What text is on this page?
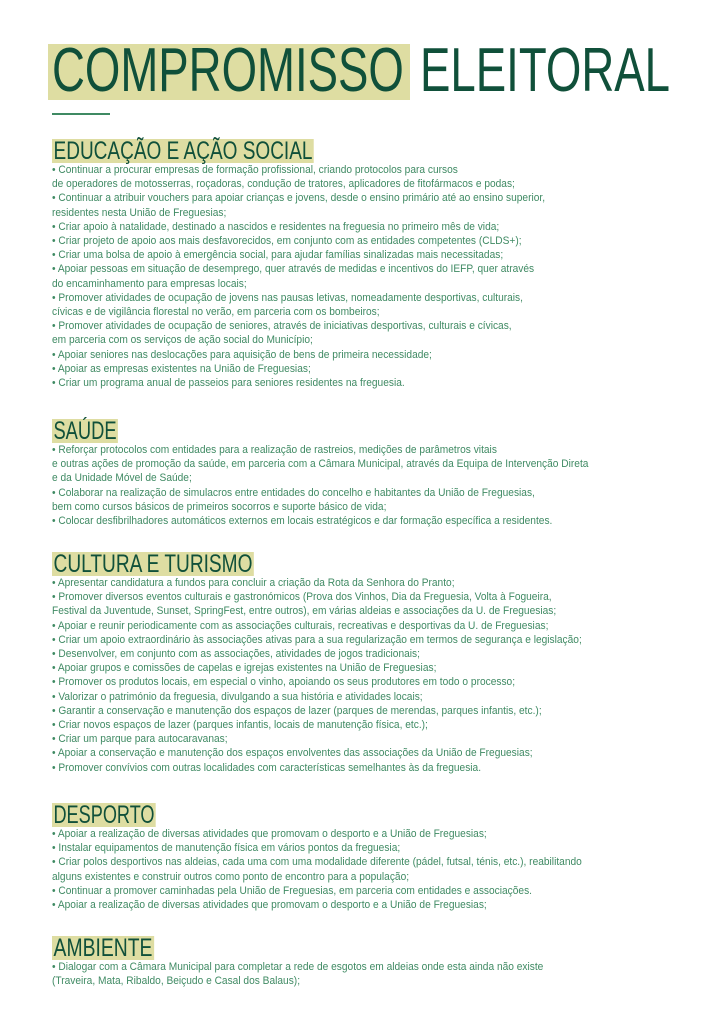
COMPROMISSO ELEITORAL
EDUCAÇÃO E AÇÃO SOCIAL
• Continuar a procurar empresas de formação profissional, criando protocolos para cursos
de operadores de motosserras, roçadoras, condução de tratores, aplicadores de fitofármacos e podas;
• Continuar a atribuir vouchers para apoiar crianças e jovens, desde o ensino primário até ao ensino superior,
residentes nesta União de Freguesias;
• Criar apoio à natalidade, destinado a nascidos e residentes na freguesia no primeiro mês de vida;
• Criar projeto de apoio aos mais desfavorecidos, em conjunto com as entidades competentes (CLDS+);
• Criar uma bolsa de apoio à emergência social, para ajudar famílias sinalizadas mais necessitadas;
• Apoiar pessoas em situação de desemprego, quer através de medidas e incentivos do IEFP, quer através
do encaminhamento para empresas locais;
• Promover atividades de ocupação de jovens nas pausas letivas, nomeadamente desportivas, culturais,
cívicas e de vigilância florestal no verão, em parceria com os bombeiros;
• Promover atividades de ocupação de seniores, através de iniciativas desportivas, culturais e cívicas,
em parceria com os serviços de ação social do Município;
• Apoiar seniores nas deslocações para aquisição de bens de primeira necessidade;
• Apoiar as empresas existentes na União de Freguesias;
• Criar um programa anual de passeios para seniores residentes na freguesia.
SAÚDE
• Reforçar protocolos com entidades para a realização de rastreios, medições de parâmetros vitais
e outras ações de promoção da saúde, em parceria com a Câmara Municipal, através da Equipa de Intervenção Direta
e da Unidade Móvel de Saúde;
• Colaborar na realização de simulacros entre entidades do concelho e habitantes da União de Freguesias,
bem como cursos básicos de primeiros socorros e suporte básico de vida;
• Colocar desfibrilhadores automáticos externos em locais estratégicos e dar formação específica a residentes.
CULTURA E TURISMO
• Apresentar candidatura a fundos para concluir a criação da Rota da Senhora do Pranto;
• Promover diversos eventos culturais e gastronómicos (Prova dos Vinhos, Dia da Freguesia, Volta à Fogueira,
Festival da Juventude, Sunset, SpringFest, entre outros), em várias aldeias e associações da U. de Freguesias;
• Apoiar e reunir periodicamente com as associações culturais, recreativas e desportivas da U. de Freguesias;
• Criar um apoio extraordinário às associações ativas para a sua regularização em termos de segurança e legislação;
• Desenvolver, em conjunto com as associações, atividades de jogos tradicionais;
• Apoiar grupos e comissões de capelas e igrejas existentes na União de Freguesias;
• Promover os produtos locais, em especial o vinho, apoiando os seus produtores em todo o processo;
• Valorizar o património da freguesia, divulgando a sua história e atividades locais;
• Garantir a conservação e manutenção dos espaços de lazer (parques de merendas, parques infantis, etc.);
• Criar novos espaços de lazer (parques infantis, locais de manutenção física, etc.);
• Criar um parque para autocaravanas;
• Apoiar a conservação e manutenção dos espaços envolventes das associações da União de Freguesias;
• Promover convívios com outras localidades com características semelhantes às da freguesia.
DESPORTO
• Apoiar a realização de diversas atividades que promovam o desporto e a União de Freguesias;
• Instalar equipamentos de manutenção física em vários pontos da freguesia;
• Criar polos desportivos nas aldeias, cada uma com uma modalidade diferente (pádel, futsal, ténis, etc.), reabilitando
alguns existentes e construir outros como ponto de encontro para a população;
• Continuar a promover caminhadas pela União de Freguesias, em parceria com entidades e associações.
• Apoiar a realização de diversas atividades que promovam o desporto e a União de Freguesias;
AMBIENTE
• Dialogar com a Câmara Municipal para completar a rede de esgotos em aldeias onde esta ainda não existe
(Traveira, Mata, Ribaldo, Beiçudo e Casal dos Balaus);
